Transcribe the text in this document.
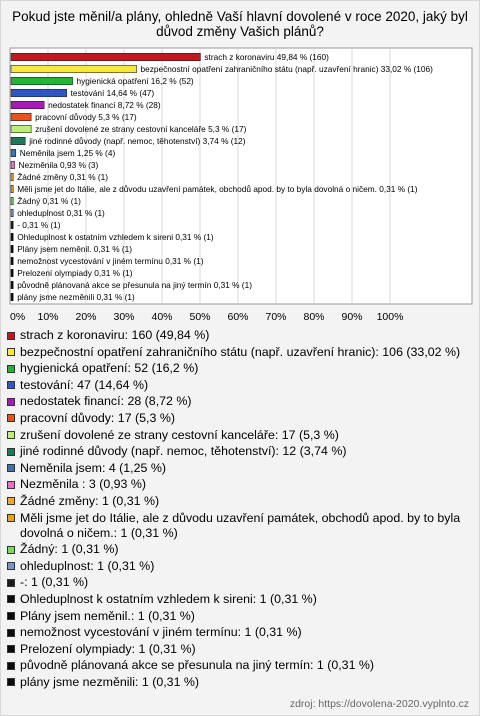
Pokud jste měnil/a plány, ohledně Vaší hlavní dovolené v roce 2020, jaký byl důvod změny Vašich plánů?
strach z koronaviru 49,84 % (160)
bezpečnostní opatření zahraničního státu (např. uzavření hranic) 33,02 % (106)
hygienická opatření 16,2 % (52)
testování 14,64 % (47)
nedostatek financí 8,72 % (28)
pracovní důvody 5,3 % (17)
zrušení dovolené ze strany cestovní kanceláře 5,3 % (17)
jiné rodinné důvody (např. nemoc, těhotenství) 3,74 % (12)
Neměnila jsem 1,25 % (4)
Nezměnila 0,93 % (3)
Žádné změny 0,31 % (1)
Měli jsme jet do Itálie, ale z důvodu uzavření památek, obchodů apod. by to byla dovolná o ničem. 0,31 % (1)
Žádný 0,31 % (1)
ohleduplnost 0,31 % (1)
- 0,31 % (1)
Ohleduplnost k ostatním vzhledem k sireni 0,31 % (1)
Plány jsem neměnil. 0,31 % (1)
nemožnost vycestování v jiném termínu 0,31 % (1)
Prelození olympiady 0,31 % (1)
původně plánovaná akce se přesunula na jiný termín 0,31 % (1)
plány jsme nezměnili 0,31 % (1)
0% 10% 20% 30% 40% 50% 60% 70% 80% 90% 100%
strach z koronaviru: 160 (49,84 %)
bezpečnostní opatření zahraničního státu (např. uzavření hranic): 106 (33,02 %)
hygienická opatření: 52 (16,2 %)
testování: 47 (14,64 %)
nedostatek financí: 28 (8,72 %)
pracovní důvody: 17 (5,3 %)
zrušení dovolené ze strany cestovní kanceláře: 17 (5,3 %)
jiné rodinné důvody (např. nemoc, těhotenství): 12 (3,74 %)
Neměnila jsem: 4 (1,25 %)
Nezměnila : 3 (0,93 %)
Žádné změny: 1 (0,31 %)
Měli jsme jet do Itálie, ale z důvodu uzavření památek, obchodů apod. by to byla dovolná o ničem.: 1 (0,31 %)
Žádný: 1 (0,31 %)
ohleduplnost: 1 (0,31 %)
-: 1 (0,31 %)
Ohleduplnost k ostatním vzhledem k sireni: 1 (0,31 %)
Plány jsem neměnil.: 1 (0,31 %)
nemožnost vycestování v jiném termínu: 1 (0,31 %)
Prelození olympiady: 1 (0,31 %)
původně plánovaná akce se přesunula na jiný termín: 1 (0,31 %)
plány jsme nezměnili: 1 (0,31 %)
zdroj: https://dovolena-2020.vyplnto.cz
